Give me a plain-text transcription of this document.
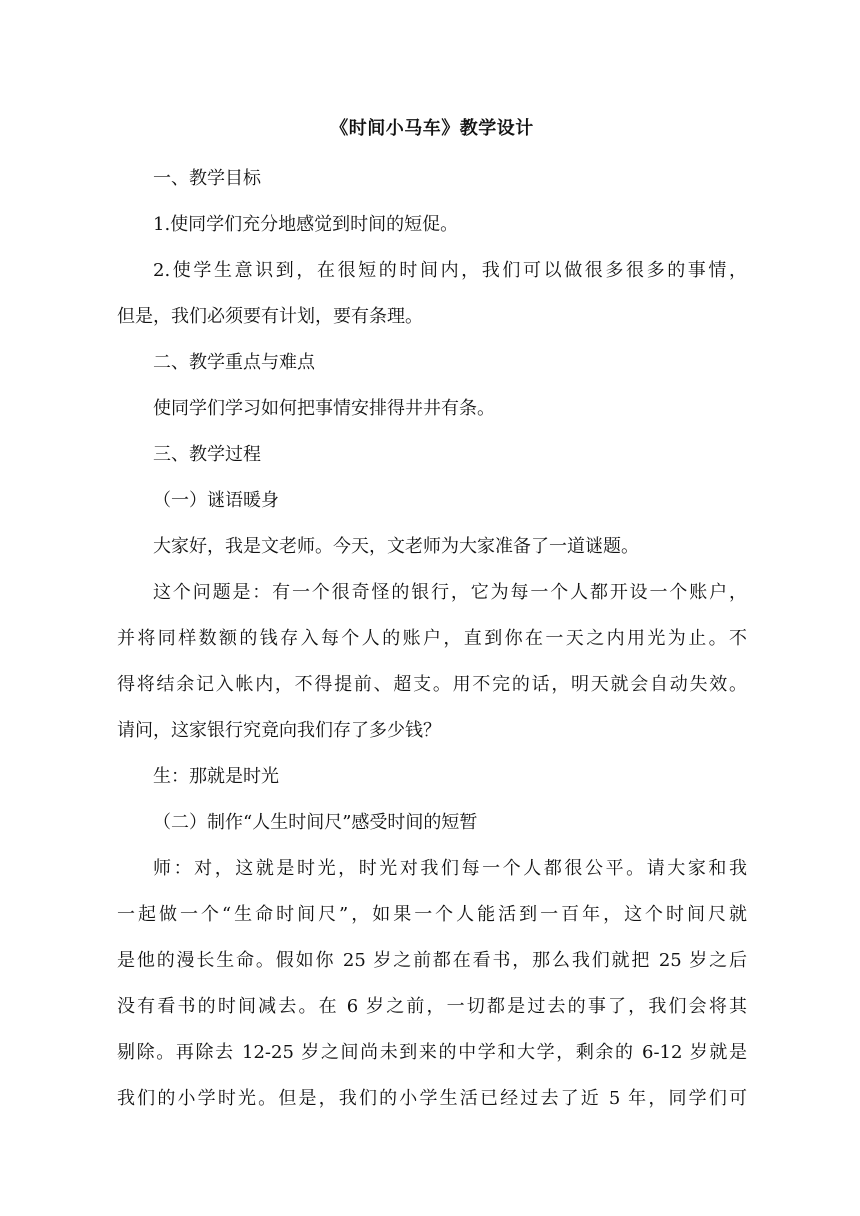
《时间小马车》教学设计
一、教学目标
1.使同学们充分地感觉到时间的短促。
2.使学生意识到，在很短的时间内，我们可以做很多很多的事情，
但是，我们必须要有计划，要有条理。
二、教学重点与难点
使同学们学习如何把事情安排得井井有条。
三、教学过程
（一）谜语暖身
大家好，我是文老师。今天，文老师为大家准备了一道谜题。
这个问题是：有一个很奇怪的银行，它为每一个人都开设一个账户，
并将同样数额的钱存入每个人的账户，直到你在一天之内用光为止。不
得将结余记入帐内，不得提前、超支。用不完的话，明天就会自动失效。
请问，这家银行究竟向我们存了多少钱？
生：那就是时光
（二）制作“人生时间尺”感受时间的短暂
师：对，这就是时光，时光对我们每一个人都很公平。请大家和我
一起做一个“生命时间尺”，如果一个人能活到一百年，这个时间尺就
是他的漫长生命。假如你 25 岁之前都在看书，那么我们就把 25 岁之后
没有看书的时间减去。在 6 岁之前，一切都是过去的事了，我们会将其
剔除。再除去 12-25 岁之间尚未到来的中学和大学，剩余的 6-12 岁就是
我们的小学时光。但是，我们的小学生活已经过去了近 5 年，同学们可
